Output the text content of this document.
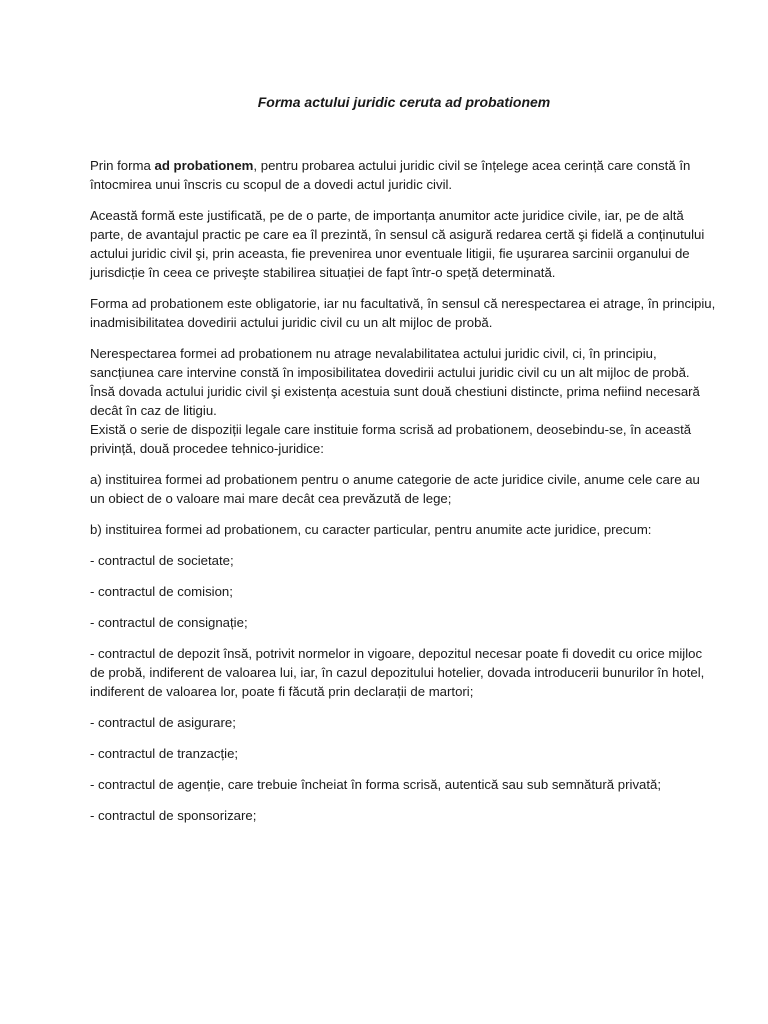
Forma actului juridic ceruta ad probationem

Prin forma ad probationem, pentru probarea actului juridic civil se înțelege acea cerință care constă în întocmirea unui înscris cu scopul de a dovedi actul juridic civil.

Această formă este justificată, pe de o parte, de importanța anumitor acte juridice civile, iar, pe de altă parte, de avantajul practic pe care ea îl prezintă, în sensul că asigură redarea certă şi fidelă a conținutului actului juridic civil şi, prin aceasta, fie prevenirea unor eventuale litigii, fie uşurarea sarcinii organului de jurisdicție în ceea ce priveşte stabilirea situației de fapt într-o speță determinată.

Forma ad probationem este obligatorie, iar nu facultativă, în sensul că nerespectarea ei atrage, în principiu, inadmisibilitatea dovedirii actului juridic civil cu un alt mijloc de probă.

Nerespectarea formei ad probationem nu atrage nevalabilitatea actului juridic civil, ci, în principiu, sancțiunea care intervine constă în imposibilitatea dovedirii actului juridic civil cu un alt mijloc de probă. Însă dovada actului juridic civil şi existența acestuia sunt două chestiuni distincte, prima nefiind necesară decât în caz de litigiu.

Există o serie de dispoziții legale care instituie forma scrisă ad probationem, deosebindu-se, în această privință, două procedee tehnico-juridice:

a) instituirea formei ad probationem pentru o anume categorie de acte juridice civile, anume cele care au un obiect de o valoare mai mare decât cea prevăzută de lege;

b) instituirea formei ad probationem, cu caracter particular, pentru anumite acte juridice, precum:

- contractul de societate;

- contractul de comision;

- contractul de consignație;

- contractul de depozit însă, potrivit normelor in vigoare, depozitul necesar poate fi dovedit cu orice mijloc de probă, indiferent de valoarea lui, iar, în cazul depozitului hotelier, dovada introducerii bunurilor în hotel, indiferent de valoarea lor, poate fi făcută prin declarații de martori;

- contractul de asigurare;

- contractul de tranzacție;

- contractul de agenție, care trebuie încheiat în forma scrisă, autentică sau sub semnătură privată;

- contractul de sponsorizare;
